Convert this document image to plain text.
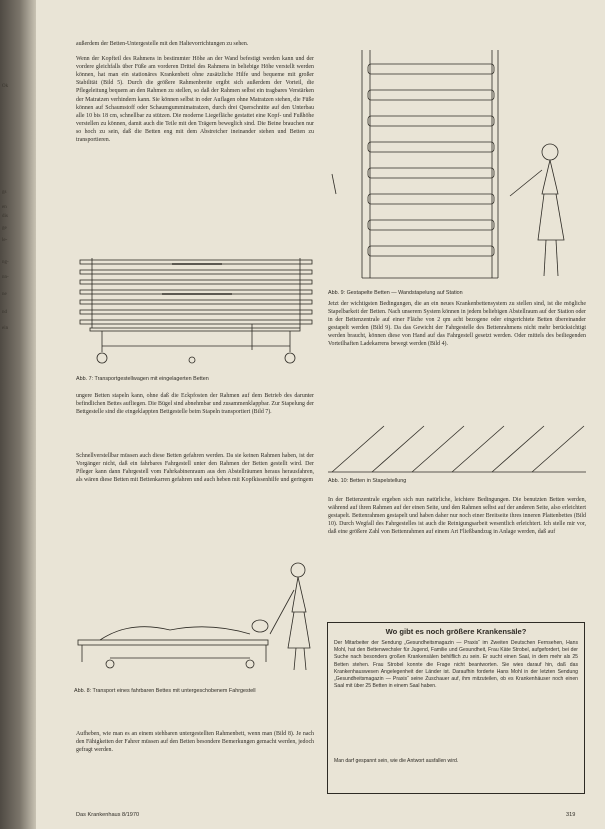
Ok
gs
en
dis
ge
le-
ng-
nn-
ne
nd
ein

außerdem der Betten-Untergestelle mit den Haltevorrichtungen zu sehen.

Wenn der Kopfteil des Rahmens in bestimmter Höhe an der Wand befestigt werden kann und der vordere gleichfalls über Füße am vorderen Drittel des Rahmens in beliebige Höhe verstellt werden können, hat man ein stationäres Krankenbett ohne zusätzliche Hilfe und bequeme mit großer Stabilität (Bild 5). Durch die größere Rahmenbreite ergibt sich außerdem der Vorteil, die Pflegeleitung bequem an den Rahmen zu stellen, so daß der Rahmen selbst ein tragbares Verstärken der Matratzen verhindern kann. Sie können selbst in oder Auflagen ohne Matratzen stehen, die Füße können auf Schaumstoff oder Schaumgummimatratzen, durch drei Querschnitte auf den Unterbau alle 10 bis 18 cm, schnellbar zu stützen. Die moderne Liegefläche gestattet eine Kopf- und Fußhöhe verstellen zu können, damit auch die Teile mit den Trägern beweglich sind. Die Beine brauchen nur so hoch zu sein, daß die Betten eng mit dem Abstreicher ineinander stehen und Betten zu transportieren.

Abb. 7: Transportgestellwagen mit eingelagerten Betten

ungere Betten stapeln kann, ohne daß die Eckpfosten der Rahmen auf dem Betrieb des darunter befindlichen Bettes aufliegen. Die Bügel sind abnehmbar und zusammenklappbar. Zur Stapelung der Bettgestelle sind die eingeklappten Bettgestelle beim Stapeln transportiert (Bild 7).

Schnellverstellbar müssen auch diese Betten gefahren werden. Da sie keinen Rahmen haben, ist der Vorgänger nicht, daß ein fahrbares Fahrgestell unter den Rahmen der Betten gestellt wird. Der Pfleger kann dann Fahrgestell vom Fahrkabinenraum aus den Abstellräumen heraus herausfahren, als wären diese Betten mit Bettenkarren gefahren und auch heben mit Kopfkissenhilfe und geringem

Abb. 8: Transport eines fahrbaren Bettes mit untergeschobenem Fahrgestell

Aufheben, wie man es an einem stehbaren untergestellten Rahmenbett, wenn man (Bild 8). Je nach den Fähigkeiten der Fahrer müssen auf den Betten besondere Bemerkungen gemacht werden, jedoch gefragt werden.

Abb. 9: Gestapelte Betten — Wandstapelung auf Station

Jetzt der wichtigsten Bedingungen, die an ein neues Krankenbettensystem zu stellen sind, ist die mögliche Stapelbarkeit der Betten. Nach unserem System können in jedem beliebigen Abstellraum auf der Station oder in der Bettenzentrale auf einer Fläche von 2 qm acht bezogene oder eingerichtete Betten übereinander gestapelt werden (Bild 9). Da das Gewicht der Fahrgestelle des Bettenrahmens nicht mehr berücksichtigt werden braucht, können diese von Hand auf das Fahrgestell gesetzt werden. Oder mittels des beiliegenden Vorteilhaften Ladekarrens bewegt werden (Bild 4).

Abb. 10: Betten in Stapelstellung

In der Bettenzentrale ergeben sich nun natürliche, leichtere Bedingungen. Die benutzten Betten werden, während auf ihren Rahmen auf der einen Seite, und den Rahmen selbst auf der anderen Seite, also erleichtert gestapelt. Bettenrahmen gestapelt und haben daher nur noch einer Breitseite ihres inneren Plattenbettes (Bild 10). Durch Wegfall des Fahrgestelles ist auch die Reinigungsarbeit wesentlich erleichtert. Ich stelle mir vor, daß eine größere Zahl von Bettenrahmen auf einem Art Fließbandzug in Anlage werden, daß auf

Wo gibt es noch größere Krankensäle?

Der Mitarbeiter der Sendung „Gesundheitsmagazin — Praxis“ im Zweiten Deutschen Fernsehen, Hans Mohl, hat den Bettenwechsler für Jugend, Familie und Gesundheit, Frau Käte Strobel, aufgefordert, bei der Suche nach besonders großen Krankensälen behilflich zu sein. Er sucht einen Saal, in dem mehr als 25 Betten stehen. Frau Strobel konnte die Frage nicht beantworten. Sie wies darauf hin, daß das Krankenhauswesen Angelegenheit der Länder ist. Daraufhin forderte Hans Mohl in der letzten Sendung „Gesundheitsmagazin — Praxis“ seine Zuschauer auf, ihm mitzuteilen, ob es Krankenhäuser noch einen Saal mit über 25 Betten in einem Saal haben.

Man darf gespannt sein, wie die Antwort ausfallen wird.

Das Krankenhaus 8/1970	319
